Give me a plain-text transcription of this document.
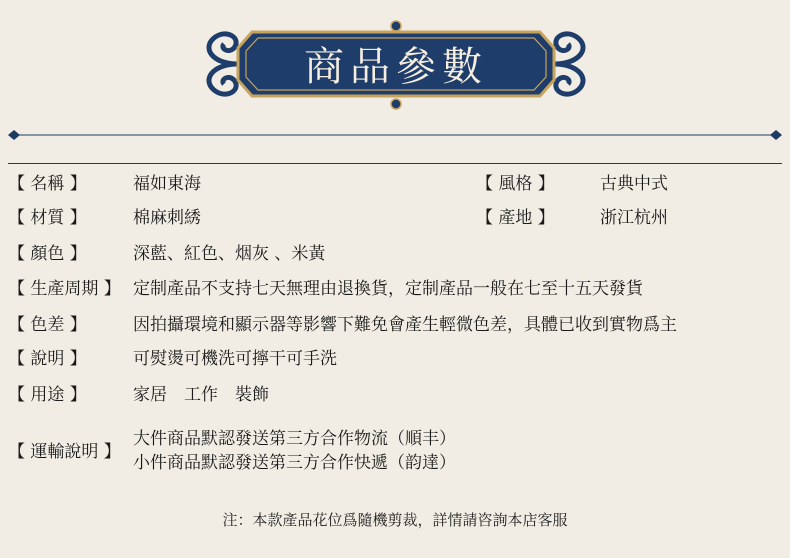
商品參數
【 名稱 】	福如東海	【 風格 】	古典中式
【 材質 】	棉麻刺綉	【 產地 】	浙江杭州
【 顏色 】	深藍、紅色、烟灰 、米黃
【 生產周期 】 定制產品不支持七天無理由退換貨，定制產品一般在七至十五天發貨
【 色差 】	因拍攝環境和顯示器等影響下難免會產生輕微色差，具體已收到實物爲主
【 說明 】	可熨燙可機洗可擰干可手洗
【 用途 】	家居　工作　裝飾
【 運輸說明 】
大件商品默認發送第三方合作物流（順丰）
小件商品默認發送第三方合作快遞（韵達）
注：本款產品花位爲隨機剪裁，詳情請咨詢本店客服
